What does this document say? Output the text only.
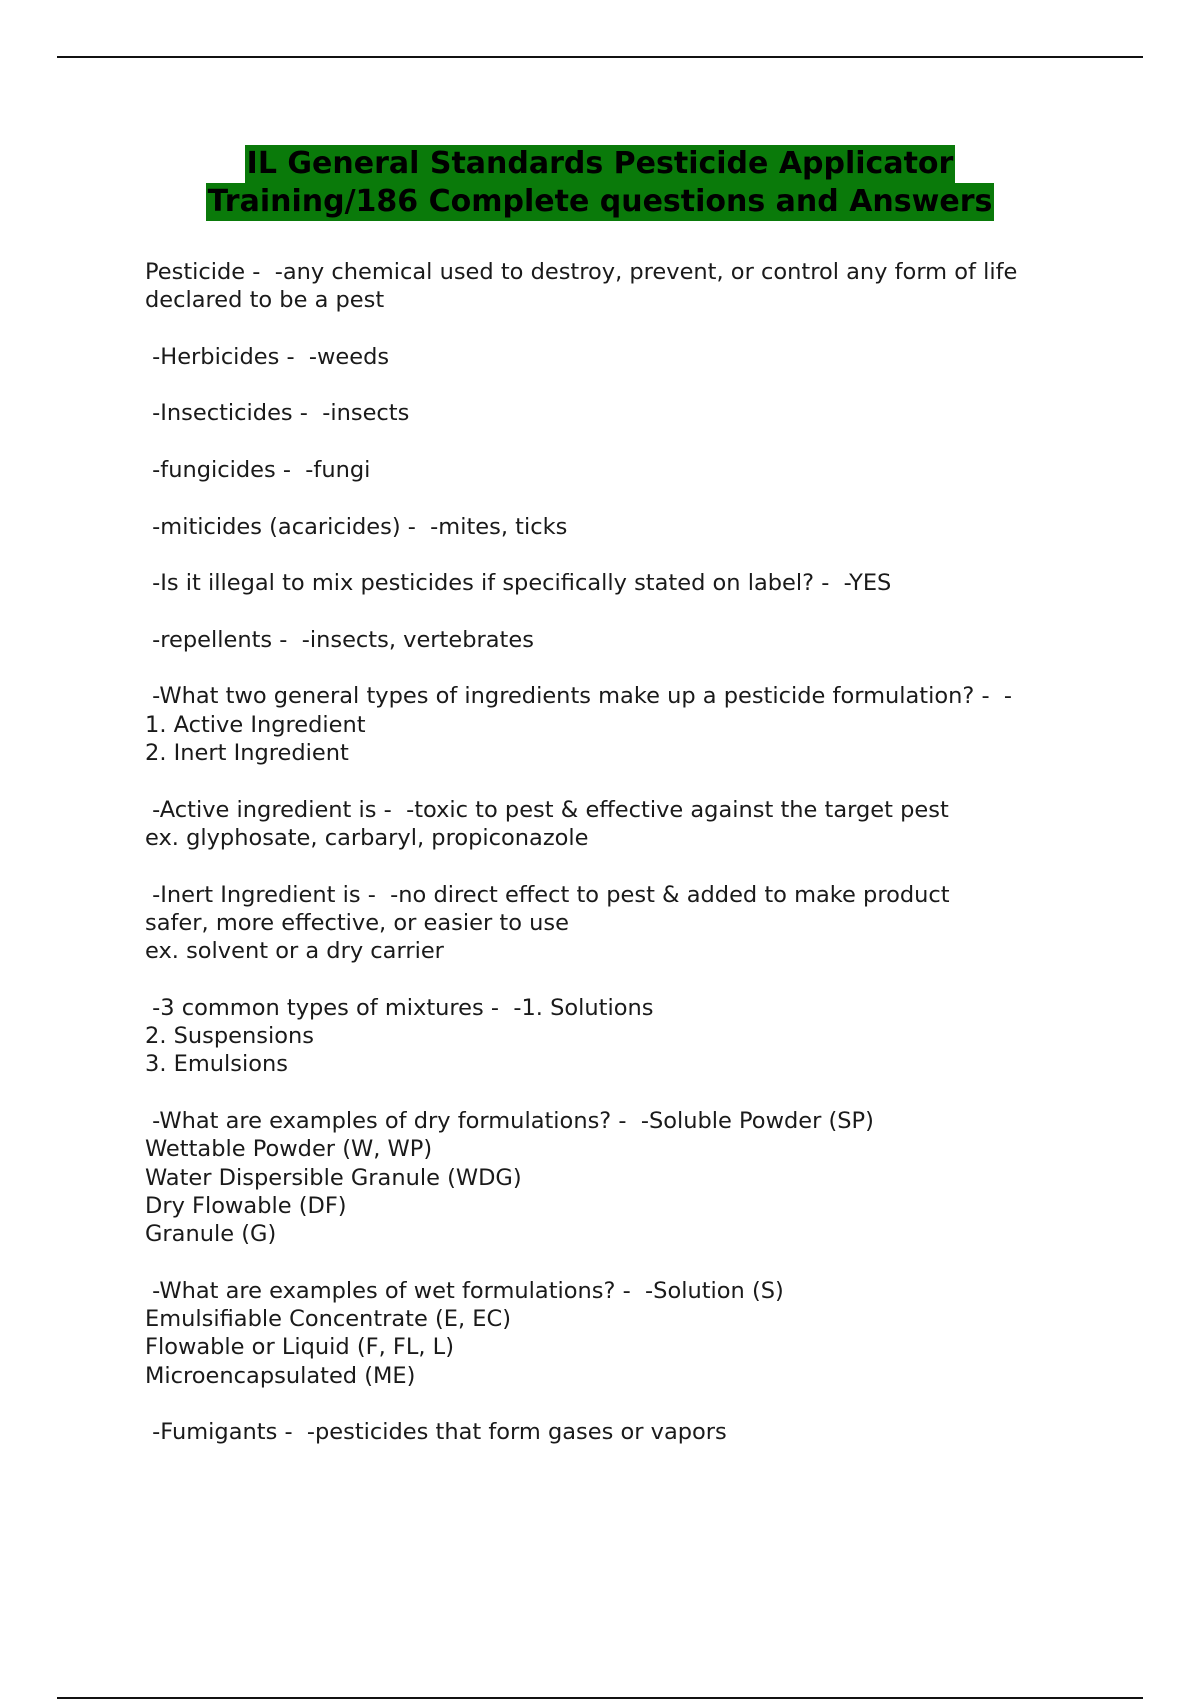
IL General Standards Pesticide Applicator
Training/186 Complete questions and Answers
Pesticide -  -any chemical used to destroy, prevent, or control any form of life
declared to be a pest
-Herbicides -  -weeds
-Insecticides -  -insects
-fungicides -  -fungi
-miticides (acaricides) -  -mites, ticks
-Is it illegal to mix pesticides if specifically stated on label? -  -YES
-repellents -  -insects, vertebrates
-What two general types of ingredients make up a pesticide formulation? -  -
1. Active Ingredient
2. Inert Ingredient
-Active ingredient is -  -toxic to pest & effective against the target pest
ex. glyphosate, carbaryl, propiconazole
-Inert Ingredient is -  -no direct effect to pest & added to make product
safer, more effective, or easier to use
ex. solvent or a dry carrier
-3 common types of mixtures -  -1. Solutions
2. Suspensions
3. Emulsions
-What are examples of dry formulations? -  -Soluble Powder (SP)
Wettable Powder (W, WP)
Water Dispersible Granule (WDG)
Dry Flowable (DF)
Granule (G)
-What are examples of wet formulations? -  -Solution (S)
Emulsifiable Concentrate (E, EC)
Flowable or Liquid (F, FL, L)
Microencapsulated (ME)
-Fumigants -  -pesticides that form gases or vapors
